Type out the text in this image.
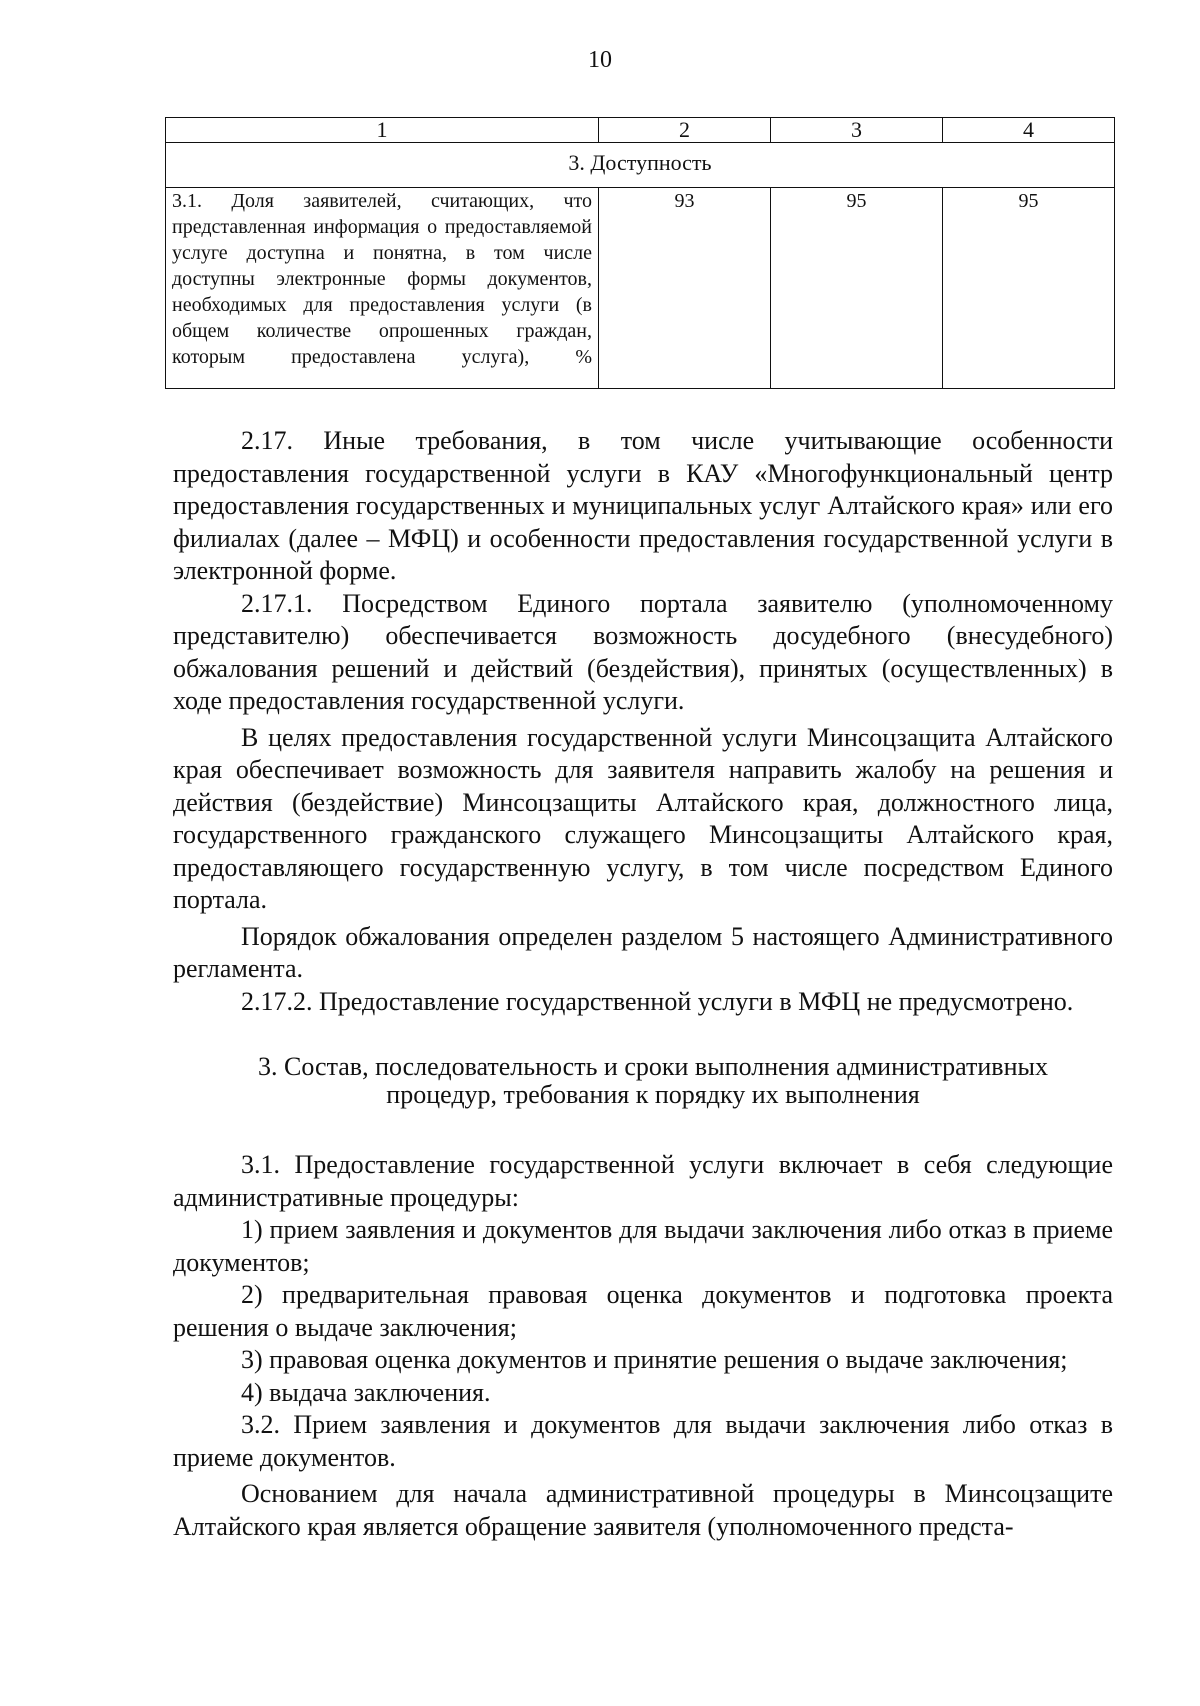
10
1	2	3	4
3. Доступность			
3.1. Доля заявителей, считающих, что представленная информация о предоставляемой услуге доступна и понятна, в том числе доступны электронные формы документов, необходимых для предоставления услуги (в общем количестве опрошенных граждан, которым предоставлена услуга), %	93	95	95

2.17. Иные требования, в том числе учитывающие особенности предоставления государственной услуги в КАУ «Многофункциональный центр предоставления государственных и муниципальных услуг Алтайского края» или его филиалах (далее – МФЦ) и особенности предоставления государственной услуги в электронной форме.

2.17.1. Посредством Единого портала заявителю (уполномоченному представителю) обеспечивается возможность досудебного (внесудебного) обжалования решений и действий (бездействия), принятых (осуществленных) в ходе предоставления государственной услуги.

В целях предоставления государственной услуги Минсоцзащита Алтайского края обеспечивает возможность для заявителя направить жалобу на решения и действия (бездействие) Минсоцзащиты Алтайского края, должностного лица, государственного гражданского служащего Минсоцзащиты Алтайского края, предоставляющего государственную услугу, в том числе посредством Единого портала.

Порядок обжалования определен разделом 5 настоящего Административного регламента.

2.17.2. Предоставление государственной услуги в МФЦ не предусмотрено.

3. Состав, последовательность и сроки выполнения административных процедур, требования к порядку их выполнения

3.1. Предоставление государственной услуги включает в себя следующие административные процедуры:

1) прием заявления и документов для выдачи заключения либо отказ в приеме документов;

2) предварительная правовая оценка документов и подготовка проекта решения о выдаче заключения;

3) правовая оценка документов и принятие решения о выдаче заключения;

4) выдача заключения.

3.2. Прием заявления и документов для выдачи заключения либо отказ в приеме документов.

Основанием для начала административной процедуры в Минсоцзащите Алтайского края является обращение заявителя (уполномоченного предста-
